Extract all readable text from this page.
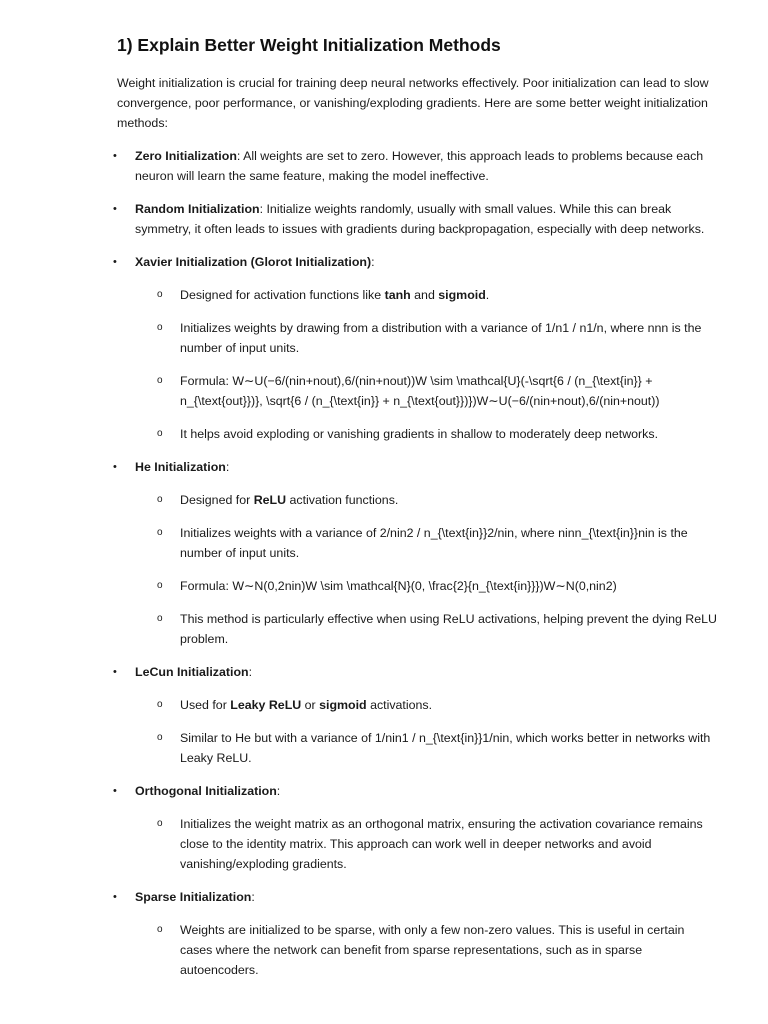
1) Explain Better Weight Initialization Methods

Weight initialization is crucial for training deep neural networks effectively. Poor initialization can lead to slow convergence, poor performance, or vanishing/exploding gradients. Here are some better weight initialization methods:

• Zero Initialization: All weights are set to zero. However, this approach leads to problems because each neuron will learn the same feature, making the model ineffective.
• Random Initialization: Initialize weights randomly, usually with small values. While this can break symmetry, it often leads to issues with gradients during backpropagation, especially with deep networks.
• Xavier Initialization (Glorot Initialization):
o Designed for activation functions like tanh and sigmoid.
o Initializes weights by drawing from a distribution with a variance of 1/n1 / n1/n, where nnn is the number of input units.
o Formula: W∼U(−6/(nin+nout),6/(nin+nout))W \sim \mathcal{U}(-\sqrt{6 / (n_{\text{in}} + n_{\text{out}})}, \sqrt{6 / (n_{\text{in}} + n_{\text{out}})})W∼U(−6/(nin+nout),6/(nin+nout))
o It helps avoid exploding or vanishing gradients in shallow to moderately deep networks.
• He Initialization:
o Designed for ReLU activation functions.
o Initializes weights with a variance of 2/nin2 / n_{\text{in}}2/nin, where ninn_{\text{in}}nin is the number of input units.
o Formula: W∼N(0,2nin)W \sim \mathcal{N}(0, \frac{2}{n_{\text{in}}})W∼N(0,nin2)
o This method is particularly effective when using ReLU activations, helping prevent the dying ReLU problem.
• LeCun Initialization:
o Used for Leaky ReLU or sigmoid activations.
o Similar to He but with a variance of 1/nin1 / n_{\text{in}}1/nin, which works better in networks with Leaky ReLU.
• Orthogonal Initialization:
o Initializes the weight matrix as an orthogonal matrix, ensuring the activation covariance remains close to the identity matrix. This approach can work well in deeper networks and avoid vanishing/exploding gradients.
• Sparse Initialization:
o Weights are initialized to be sparse, with only a few non-zero values. This is useful in certain cases where the network can benefit from sparse representations, such as in sparse autoencoders.
